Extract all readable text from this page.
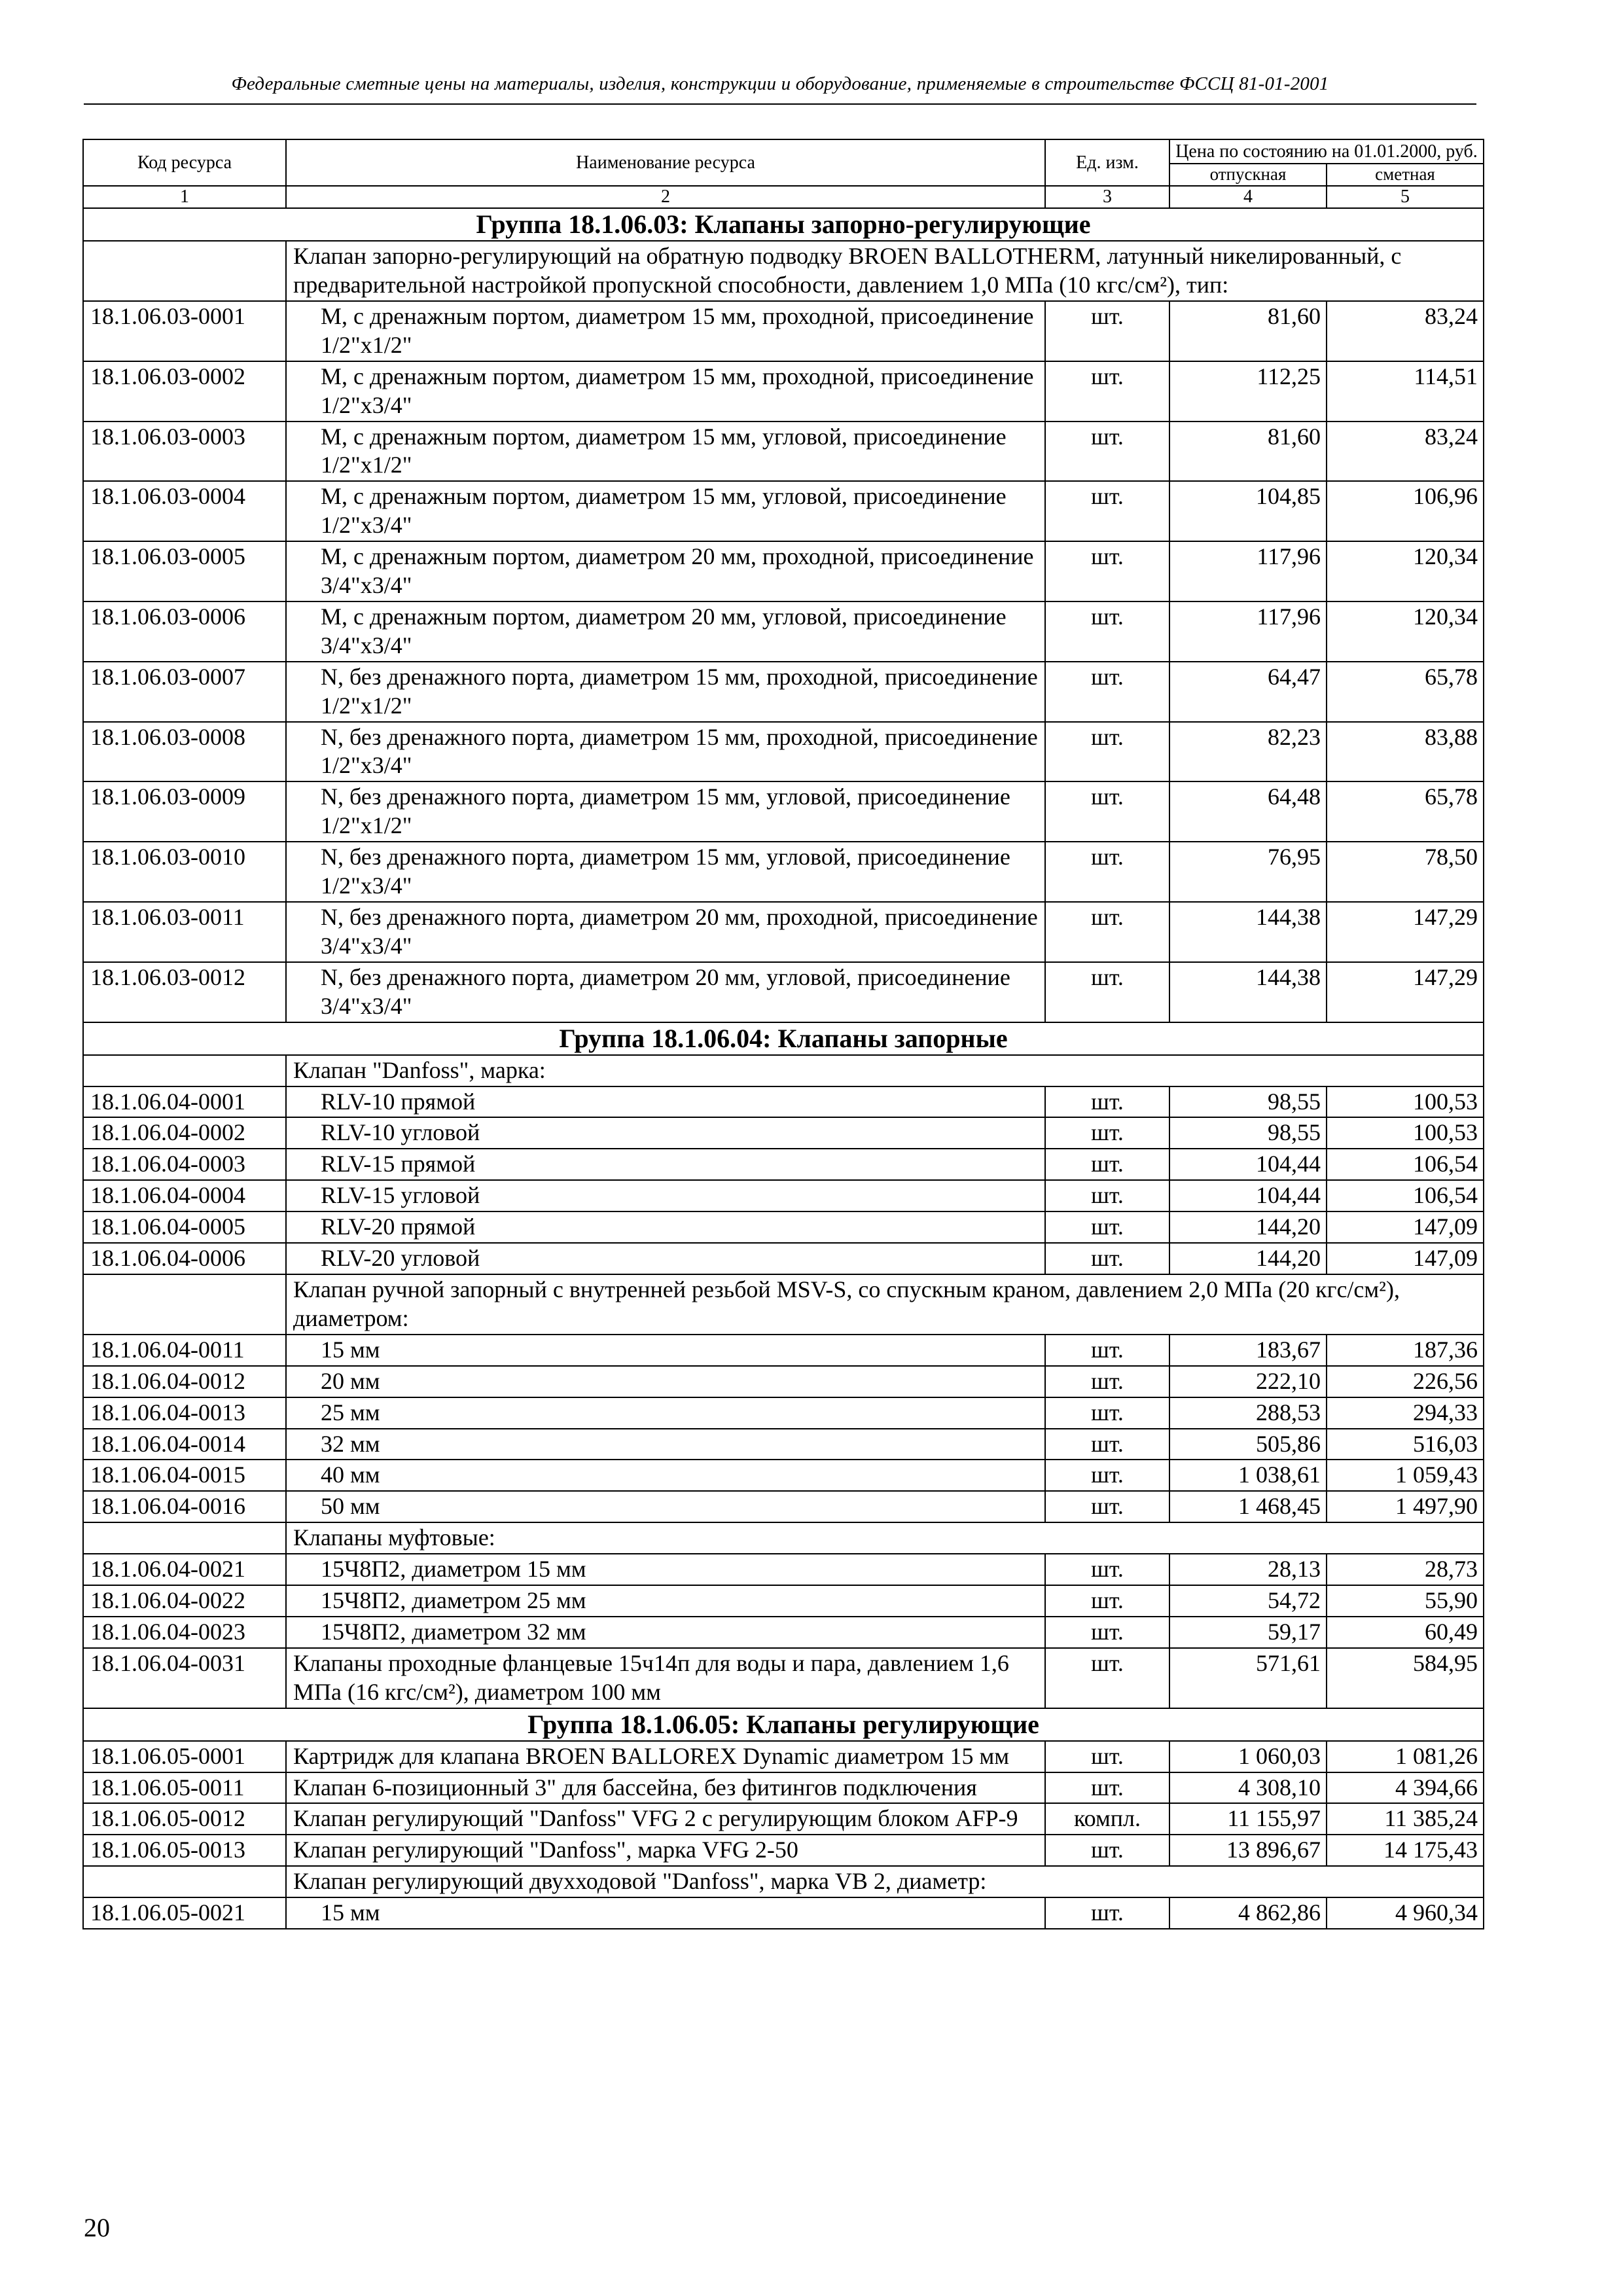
Федеральные сметные цены на материалы, изделия, конструкции и оборудование, применяемые в строительстве ФССЦ 81-01-2001
Код ресурса	Наименование ресурса	Ед. изм.	Цена по состоянию на 01.01.2000, руб.	
			отпускная	сметная
1	2	3	4	5
Группа 18.1.06.03: Клапаны запорно-регулирующие				
	Клапан запорно-регулирующий на обратную подводку BROEN BALLOTHERM, латунный никелированный, с предварительной настройкой пропускной способности, давлением 1,0 МПа (10 кгс/см²), тип:			
18.1.06.03-0001	M, с дренажным портом, диаметром 15 мм, проходной, присоединение 1/2"x1/2"	шт.	81,60	83,24
18.1.06.03-0002	M, с дренажным портом, диаметром 15 мм, проходной, присоединение 1/2"x3/4"	шт.	112,25	114,51
18.1.06.03-0003	M, с дренажным портом, диаметром 15 мм, угловой, присоединение 1/2"x1/2"	шт.	81,60	83,24
18.1.06.03-0004	M, с дренажным портом, диаметром 15 мм, угловой, присоединение 1/2"x3/4"	шт.	104,85	106,96
18.1.06.03-0005	M, с дренажным портом, диаметром 20 мм, проходной, присоединение 3/4"x3/4"	шт.	117,96	120,34
18.1.06.03-0006	M, с дренажным портом, диаметром 20 мм, угловой, присоединение 3/4"x3/4"	шт.	117,96	120,34
18.1.06.03-0007	N, без дренажного порта, диаметром 15 мм, проходной, присоединение 1/2"x1/2"	шт.	64,47	65,78
18.1.06.03-0008	N, без дренажного порта, диаметром 15 мм, проходной, присоединение 1/2"x3/4"	шт.	82,23	83,88
18.1.06.03-0009	N, без дренажного порта, диаметром 15 мм, угловой, присоединение 1/2"x1/2"	шт.	64,48	65,78
18.1.06.03-0010	N, без дренажного порта, диаметром 15 мм, угловой, присоединение 1/2"x3/4"	шт.	76,95	78,50
18.1.06.03-0011	N, без дренажного порта, диаметром 20 мм, проходной, присоединение 3/4"x3/4"	шт.	144,38	147,29
18.1.06.03-0012	N, без дренажного порта, диаметром 20 мм, угловой, присоединение 3/4"x3/4"	шт.	144,38	147,29
Группа 18.1.06.04: Клапаны запорные				
	Клапан "Danfoss", марка:			
18.1.06.04-0001	RLV-10 прямой	шт.	98,55	100,53
18.1.06.04-0002	RLV-10 угловой	шт.	98,55	100,53
18.1.06.04-0003	RLV-15 прямой	шт.	104,44	106,54
18.1.06.04-0004	RLV-15 угловой	шт.	104,44	106,54
18.1.06.04-0005	RLV-20 прямой	шт.	144,20	147,09
18.1.06.04-0006	RLV-20 угловой	шт.	144,20	147,09
	Клапан ручной запорный с внутренней резьбой MSV-S, со спускным краном, давлением 2,0 МПа (20 кгс/см²), диаметром:			
18.1.06.04-0011	15 мм	шт.	183,67	187,36
18.1.06.04-0012	20 мм	шт.	222,10	226,56
18.1.06.04-0013	25 мм	шт.	288,53	294,33
18.1.06.04-0014	32 мм	шт.	505,86	516,03
18.1.06.04-0015	40 мм	шт.	1 038,61	1 059,43
18.1.06.04-0016	50 мм	шт.	1 468,45	1 497,90
	Клапаны муфтовые:			
18.1.06.04-0021	15Ч8П2, диаметром 15 мм	шт.	28,13	28,73
18.1.06.04-0022	15Ч8П2, диаметром 25 мм	шт.	54,72	55,90
18.1.06.04-0023	15Ч8П2, диаметром 32 мм	шт.	59,17	60,49
18.1.06.04-0031	Клапаны проходные фланцевые 15ч14п для воды и пара, давлением 1,6 МПа (16 кгс/см²), диаметром 100 мм	шт.	571,61	584,95
Группа 18.1.06.05: Клапаны регулирующие				
18.1.06.05-0001	Картридж для клапана BROEN BALLOREX Dynamic диаметром 15 мм	шт.	1 060,03	1 081,26
18.1.06.05-0011	Клапан 6-позиционный 3" для бассейна, без фитингов подключения	шт.	4 308,10	4 394,66
18.1.06.05-0012	Клапан регулирующий "Danfoss" VFG 2 с регулирующим блоком AFP-9	компл.	11 155,97	11 385,24
18.1.06.05-0013	Клапан регулирующий "Danfoss", марка VFG 2-50	шт.	13 896,67	14 175,43
	Клапан регулирующий двухходовой "Danfoss", марка VB 2, диаметр:			
18.1.06.05-0021	15 мм	шт.	4 862,86	4 960,34
20
